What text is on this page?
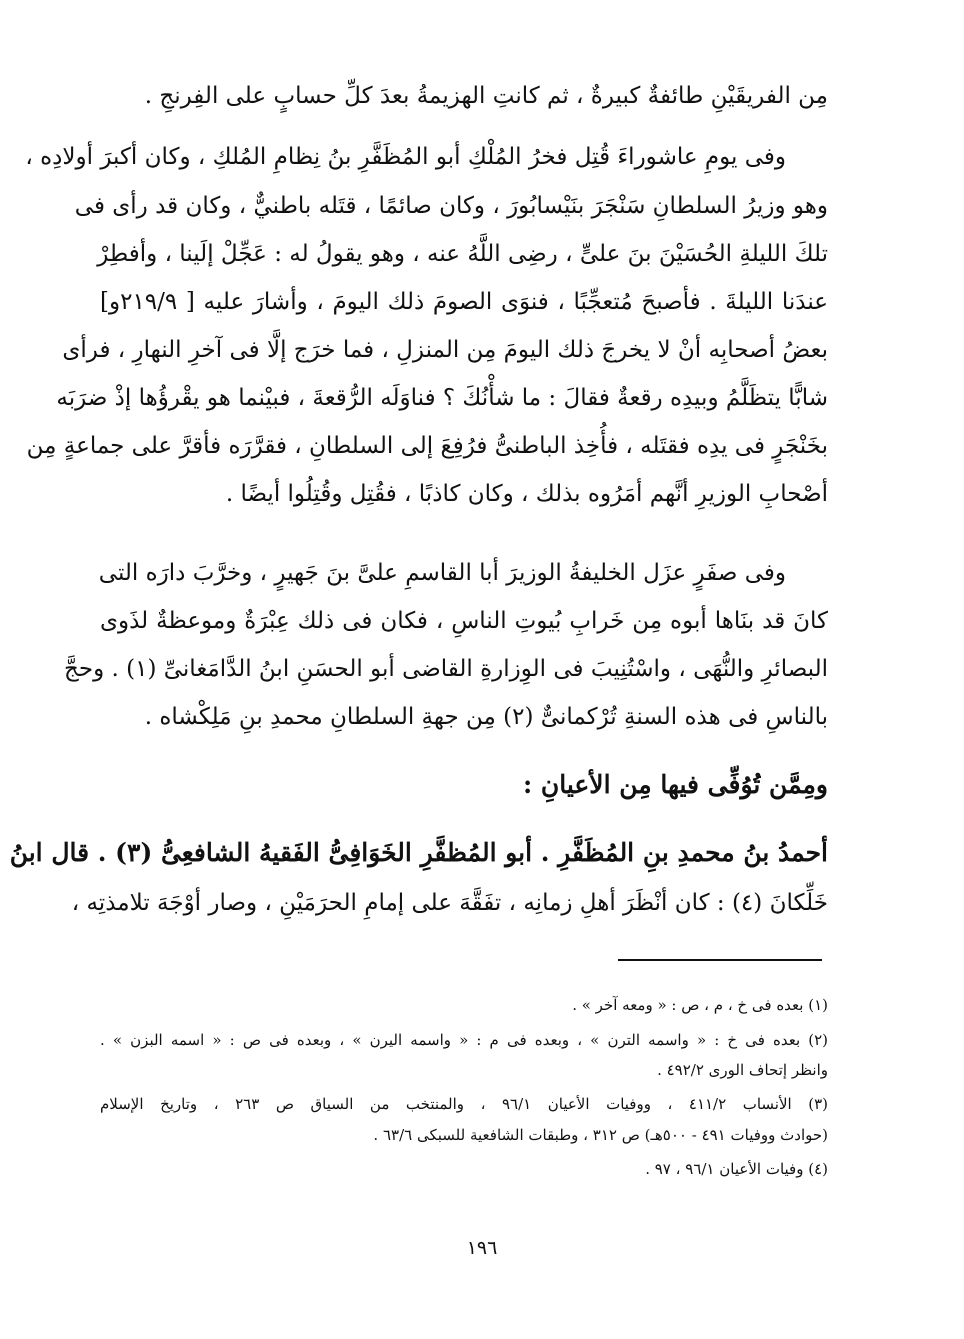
مِن الفريقَيْنِ طائفةٌ كبيرةٌ ، ثم كانتِ الهزيمةُ بعدَ كلِّ حسابٍ على الفِرنجِ .
وفى يومِ عاشوراءَ قُتِل فخرُ المُلْكِ أبو المُظَفَّرِ بنُ نِظامِ المُلكِ ، وكان أكبرَ أولادِه ،
وهو وزيرُ السلطانِ سَنْجَرَ بنَيْسابُورَ ، وكان صائمًا ، قتَله باطنيٌّ ، وكان قد رأى فى
تلكَ الليلةِ الحُسَيْنَ بنَ علىٍّ ، رضِى اللَّهُ عنه ، وهو يقولُ له : عَجِّلْ إلَينا ، وأفطِرْ
عندَنا الليلةَ . فأصبحَ مُتعجِّبًا ، فنوَى الصومَ ذلك اليومَ ، وأشارَ عليه [ ٢١٩/٩و]
بعضُ أصحابِه أنْ لا يخرجَ ذلك اليومَ مِن المنزلِ ، فما خرَج إلَّا فى آخرِ النهارِ ، فرأى
شابًّا يتظَلَّمُ وبيدِه رقعةٌ فقالَ : ما شأْنُكَ ؟ فناوَلَه الرُّقعةَ ، فبيْنما هو يقْرؤُها إذْ ضرَبَه
بخَنْجَرٍ فى يدِه فقتَله ، فأُخِذ الباطنىُّ فرُفِعَ إلى السلطانِ ، فقرَّرَه فأقرَّ على جماعةٍ مِن
أصْحابِ الوزيرِ أنَّهم أمَرُوه بذلك ، وكان كاذبًا ، فقُتِل وقُتِلُوا أيضًا .
وفى صفَرٍ عزَل الخليفةُ الوزيرَ أبا القاسمِ علىَّ بنَ جَهيرٍ ، وخرَّبَ دارَه التى
كانَ قد بنَاها أبوه مِن خَرابِ بُيوتِ الناسِ ، فكان فى ذلك عِبْرَةٌ وموعظةٌ لذَوى
البصائرِ والنُّهَى ، واسْتُنِيبَ فى الوِزارةِ القاضى أبو الحسَنِ ابنُ الدَّامَغانىِّ (١) . وحجَّ
بالناسِ فى هذه السنةِ تُرْكمانىٌّ (٢) مِن جهةِ السلطانِ محمدِ بنِ مَلِكْشاه .
ومِمَّن تُوُفِّى فيها مِن الأعيانِ :
أحمدُ بنُ محمدِ بنِ المُظَفَّرِ . أبو المُظفَّرِ الخَوَافِىُّ الفَقيهُ الشافعِىُّ (٣) . قال ابنُ
خَلِّكانَ (٤) : كان أنْظَرَ أهلِ زمانِه ، تفَقَّهَ على إمامِ الحرَمَيْنِ ، وصار أوْجَهَ تلامذتِه ،
(١) بعده فى خ ، م ، ص : « ومعه آخر » .
(٢) بعده فى خ : « واسمه الترن » ، وبعده فى م : « واسمه اليرن » ، وبعده فى ص : « اسمه البزن » .
وانظر إتحاف الورى ٤٩٢/٢ .
(٣) الأنساب ٤١١/٢ ، ووفيات الأعيان ٩٦/١ ، والمنتخب من السياق ص ٢٦٣ ، وتاريخ الإسلام
(حوادث ووفيات ٤٩١ - ٥٠٠هـ) ص ٣١٢ ، وطبقات الشافعية للسبكى ٦٣/٦ .
(٤) وفيات الأعيان ٩٦/١ ، ٩٧ .
١٩٦
